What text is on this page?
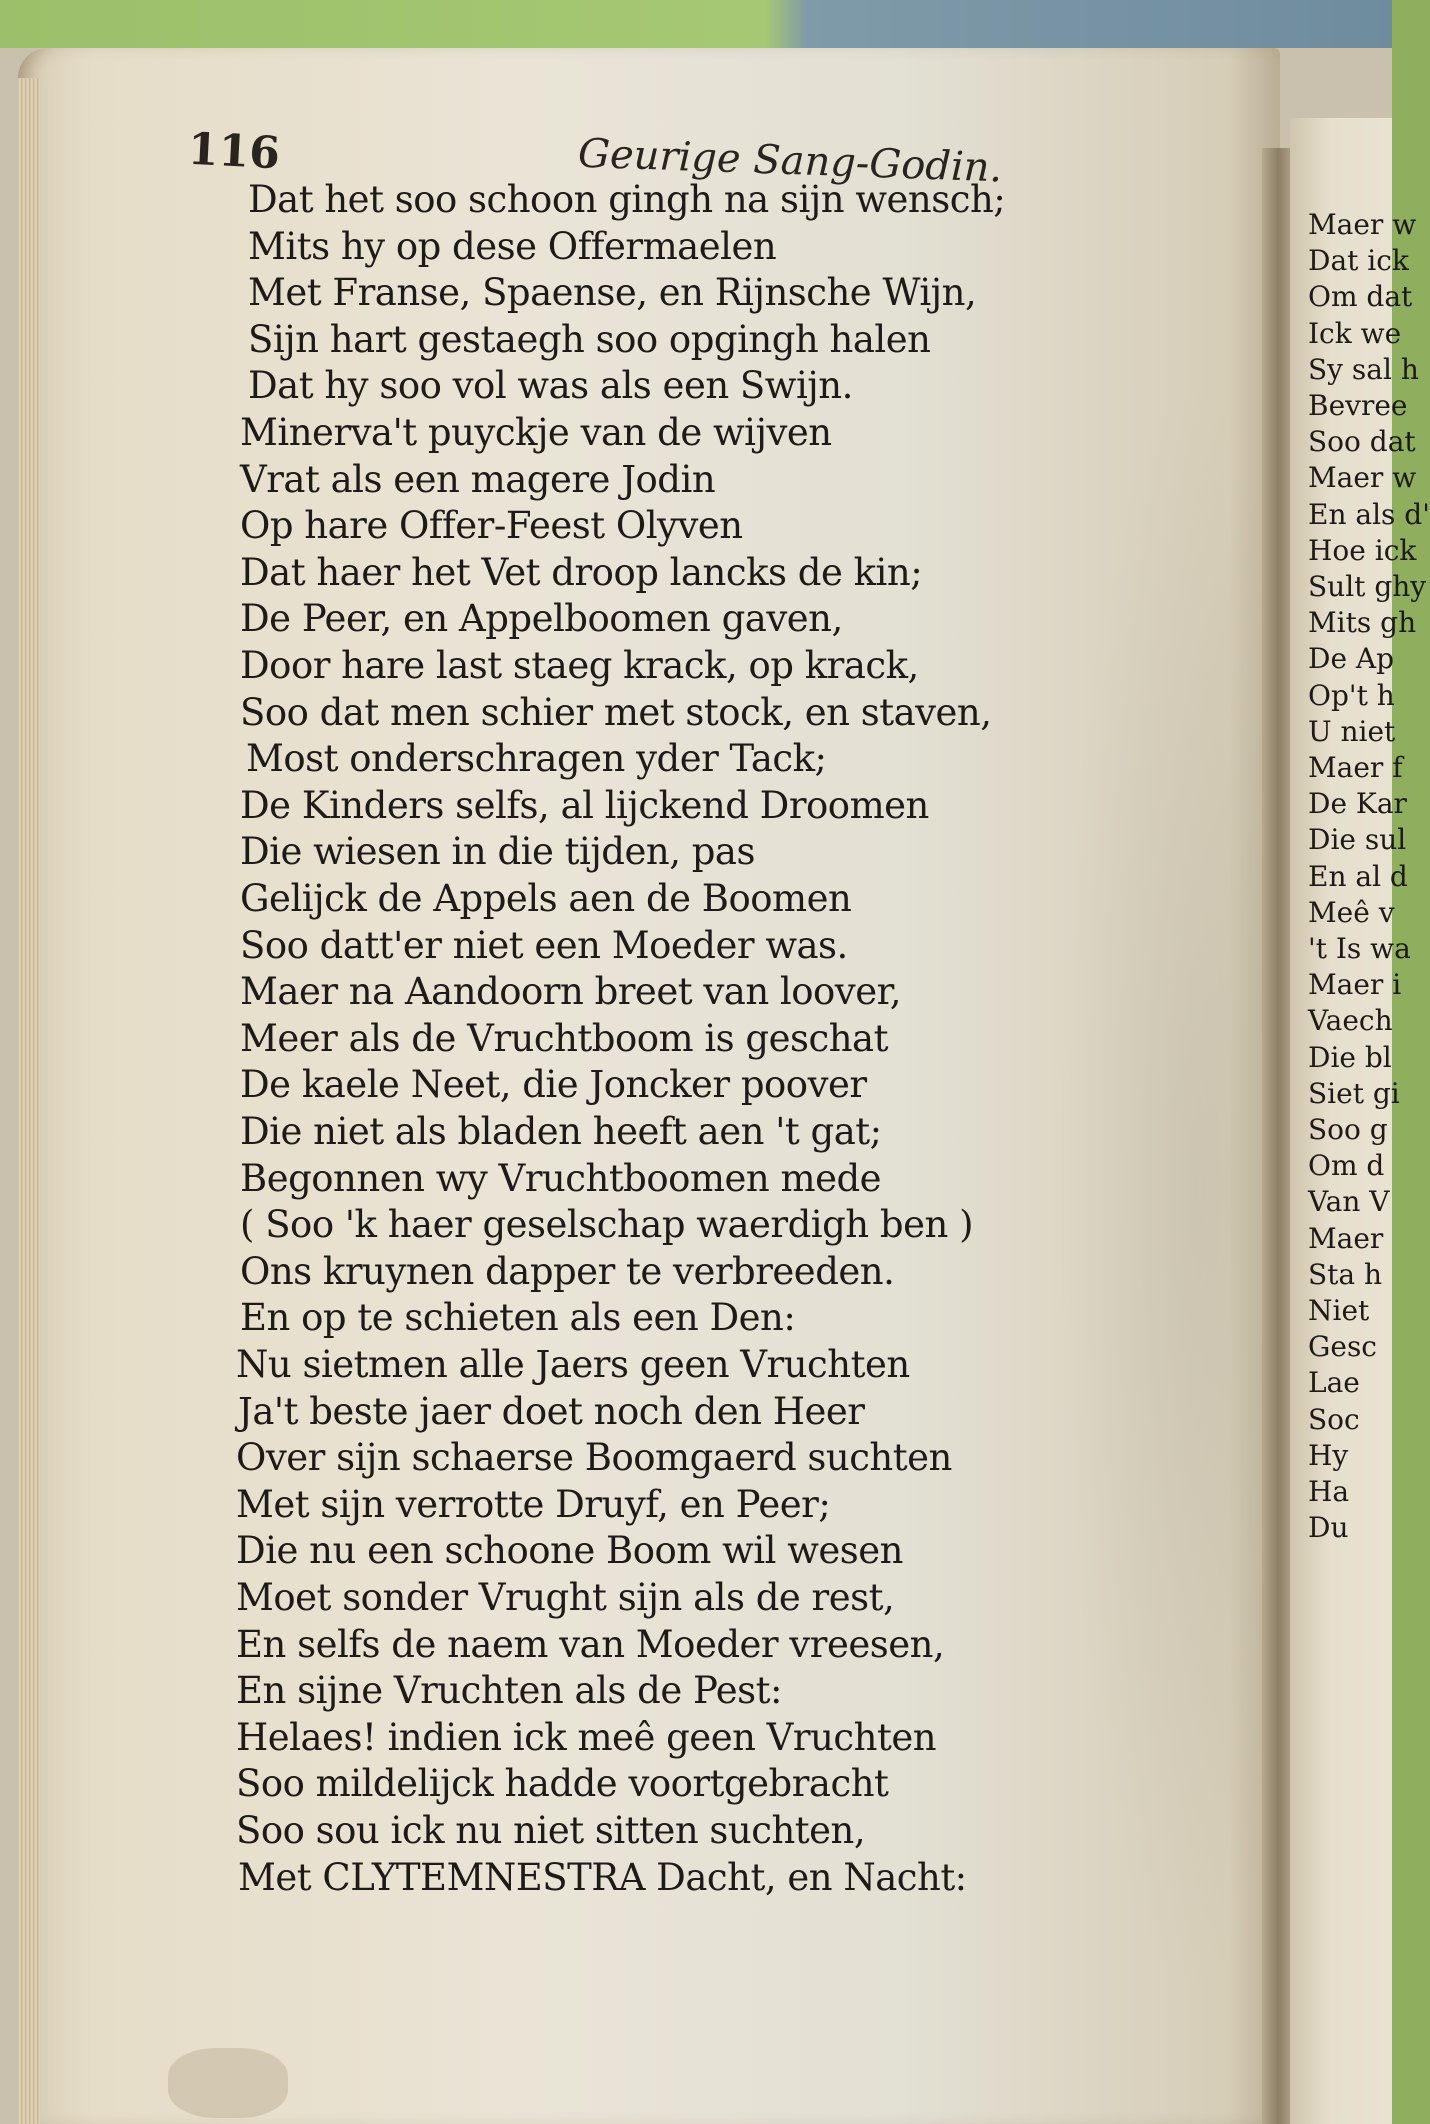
116	Geurige Sang-Godin.
Dat het soo schoon gingh na sijn wensch;
Mits hy op dese Offermaelen
Met Franse, Spaense, en Rijnsche Wijn,
Sijn hart gestaegh soo opgingh halen
Dat hy soo vol was als een Swijn.
Minerva't puyckje van de wijven
Vrat als een magere Jodin
Op hare Offer-Feest Olyven
Dat haer het Vet droop lancks de kin;
De Peer, en Appelboomen gaven,
Door hare last staeg krack, op krack,
Soo dat men schier met stock, en staven,
Most onderschragen yder Tack;
De Kinders selfs, al lijckend Droomen
Die wiesen in die tijden, pas
Gelijck de Appels aen de Boomen
Soo datt'er niet een Moeder was.
Maer na Aandoorn breet van loover,
Meer als de Vruchtboom is geschat
De kaele Neet, die Joncker poover
Die niet als bladen heeft aen 't gat;
Begonnen wy Vruchtboomen mede
( Soo 'k haer geselschap waerdigh ben )
Ons kruynen dapper te verbreeden.
En op te schieten als een Den:
Nu sietmen alle Jaers geen Vruchten
Ja't beste jaer doet noch den Heer
Over sijn schaerse Boomgaerd suchten
Met sijn verrotte Druyf, en Peer;
Die nu een schoone Boom wil wesen
Moet sonder Vrught sijn als de rest,
En selfs de naem van Moeder vreesen,
En sijne Vruchten als de Pest:
Helaes! indien ick meê geen Vruchten
Soo mildelijck hadde voortgebracht
Soo sou ick nu niet sitten suchten,
Met CLYTEMNESTRA Dacht, en Nacht:
Maer w
Dat ick
Om dat
Ick we
Sy sal h
Bevree
Soo dat
Maer w
En als d'
Hoe ick
Sult ghy
Mits gh
De Ap
Op't h
U niet
Maer f
De Kar
Die sul
En al d
Meê v
't Is wa
Maer i
Vaech
Die bl
Siet gi
Soo g
Om d
Van V
Maer
Sta h
Niet
Gesc
Lae
Soc
Hy
Ha
Du
